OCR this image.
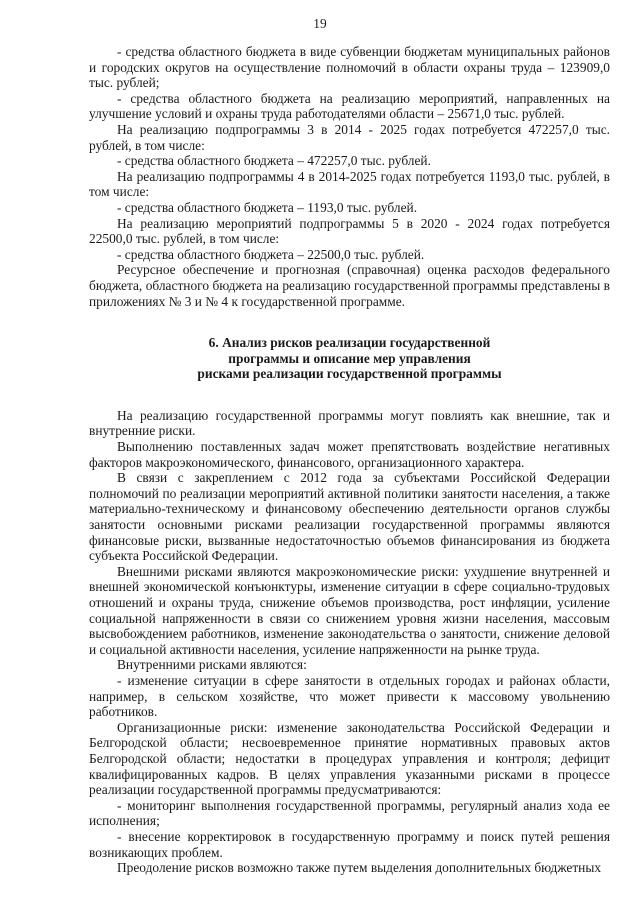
19

- средства областного бюджета в виде субвенции бюджетам муниципальных районов и городских округов на осуществление полномочий в области охраны труда – 123909,0 тыс. рублей;

- средства областного бюджета на реализацию мероприятий, направленных на улучшение условий и охраны труда работодателями области – 25671,0 тыс. рублей.

На реализацию подпрограммы 3 в 2014 - 2025 годах потребуется 472257,0 тыс. рублей, в том числе:

- средства областного бюджета – 472257,0 тыс. рублей.

На реализацию подпрограммы 4 в 2014-2025 годах потребуется 1193,0 тыс. рублей, в том числе:

- средства областного бюджета – 1193,0 тыс. рублей.

На реализацию мероприятий подпрограммы 5 в 2020 - 2024 годах потребуется 22500,0 тыс. рублей, в том числе:

- средства областного бюджета – 22500,0 тыс. рублей.

Ресурсное обеспечение и прогнозная (справочная) оценка расходов федерального бюджета, областного бюджета на реализацию государственной программы представлены в приложениях № 3 и № 4 к государственной программе.

6. Анализ рисков реализации государственной
программы и описание мер управления
рисками реализации государственной программы

На реализацию государственной программы могут повлиять как внешние, так и внутренние риски.

Выполнению поставленных задач может препятствовать воздействие негативных факторов макроэкономического, финансового, организационного характера.

В связи с закреплением с 2012 года за субъектами Российской Федерации полномочий по реализации мероприятий активной политики занятости населения, а также материально-техническому и финансовому обеспечению деятельности органов службы занятости основными рисками реализации государственной программы являются финансовые риски, вызванные недостаточностью объемов финансирования из бюджета субъекта Российской Федерации.

Внешними рисками являются макроэкономические риски: ухудшение внутренней и внешней экономической конъюнктуры, изменение ситуации в сфере социально-трудовых отношений и охраны труда, снижение объемов производства, рост инфляции, усиление социальной напряженности в связи со снижением уровня жизни населения, массовым высвобождением работников, изменение законодательства о занятости, снижение деловой и социальной активности населения, усиление напряженности на рынке труда.

Внутренними рисками являются:

- изменение ситуации в сфере занятости в отдельных городах и районах области, например, в сельском хозяйстве, что может привести к массовому увольнению работников.

Организационные риски: изменение законодательства Российской Федерации и Белгородской области; несвоевременное принятие нормативных правовых актов Белгородской области; недостатки в процедурах управления и контроля; дефицит квалифицированных кадров. В целях управления указанными рисками в процессе реализации государственной программы предусматриваются:

- мониторинг выполнения государственной программы, регулярный анализ хода ее исполнения;

- внесение корректировок в государственную программу и поиск путей решения возникающих проблем.

Преодоление рисков возможно также путем выделения дополнительных бюджетных
